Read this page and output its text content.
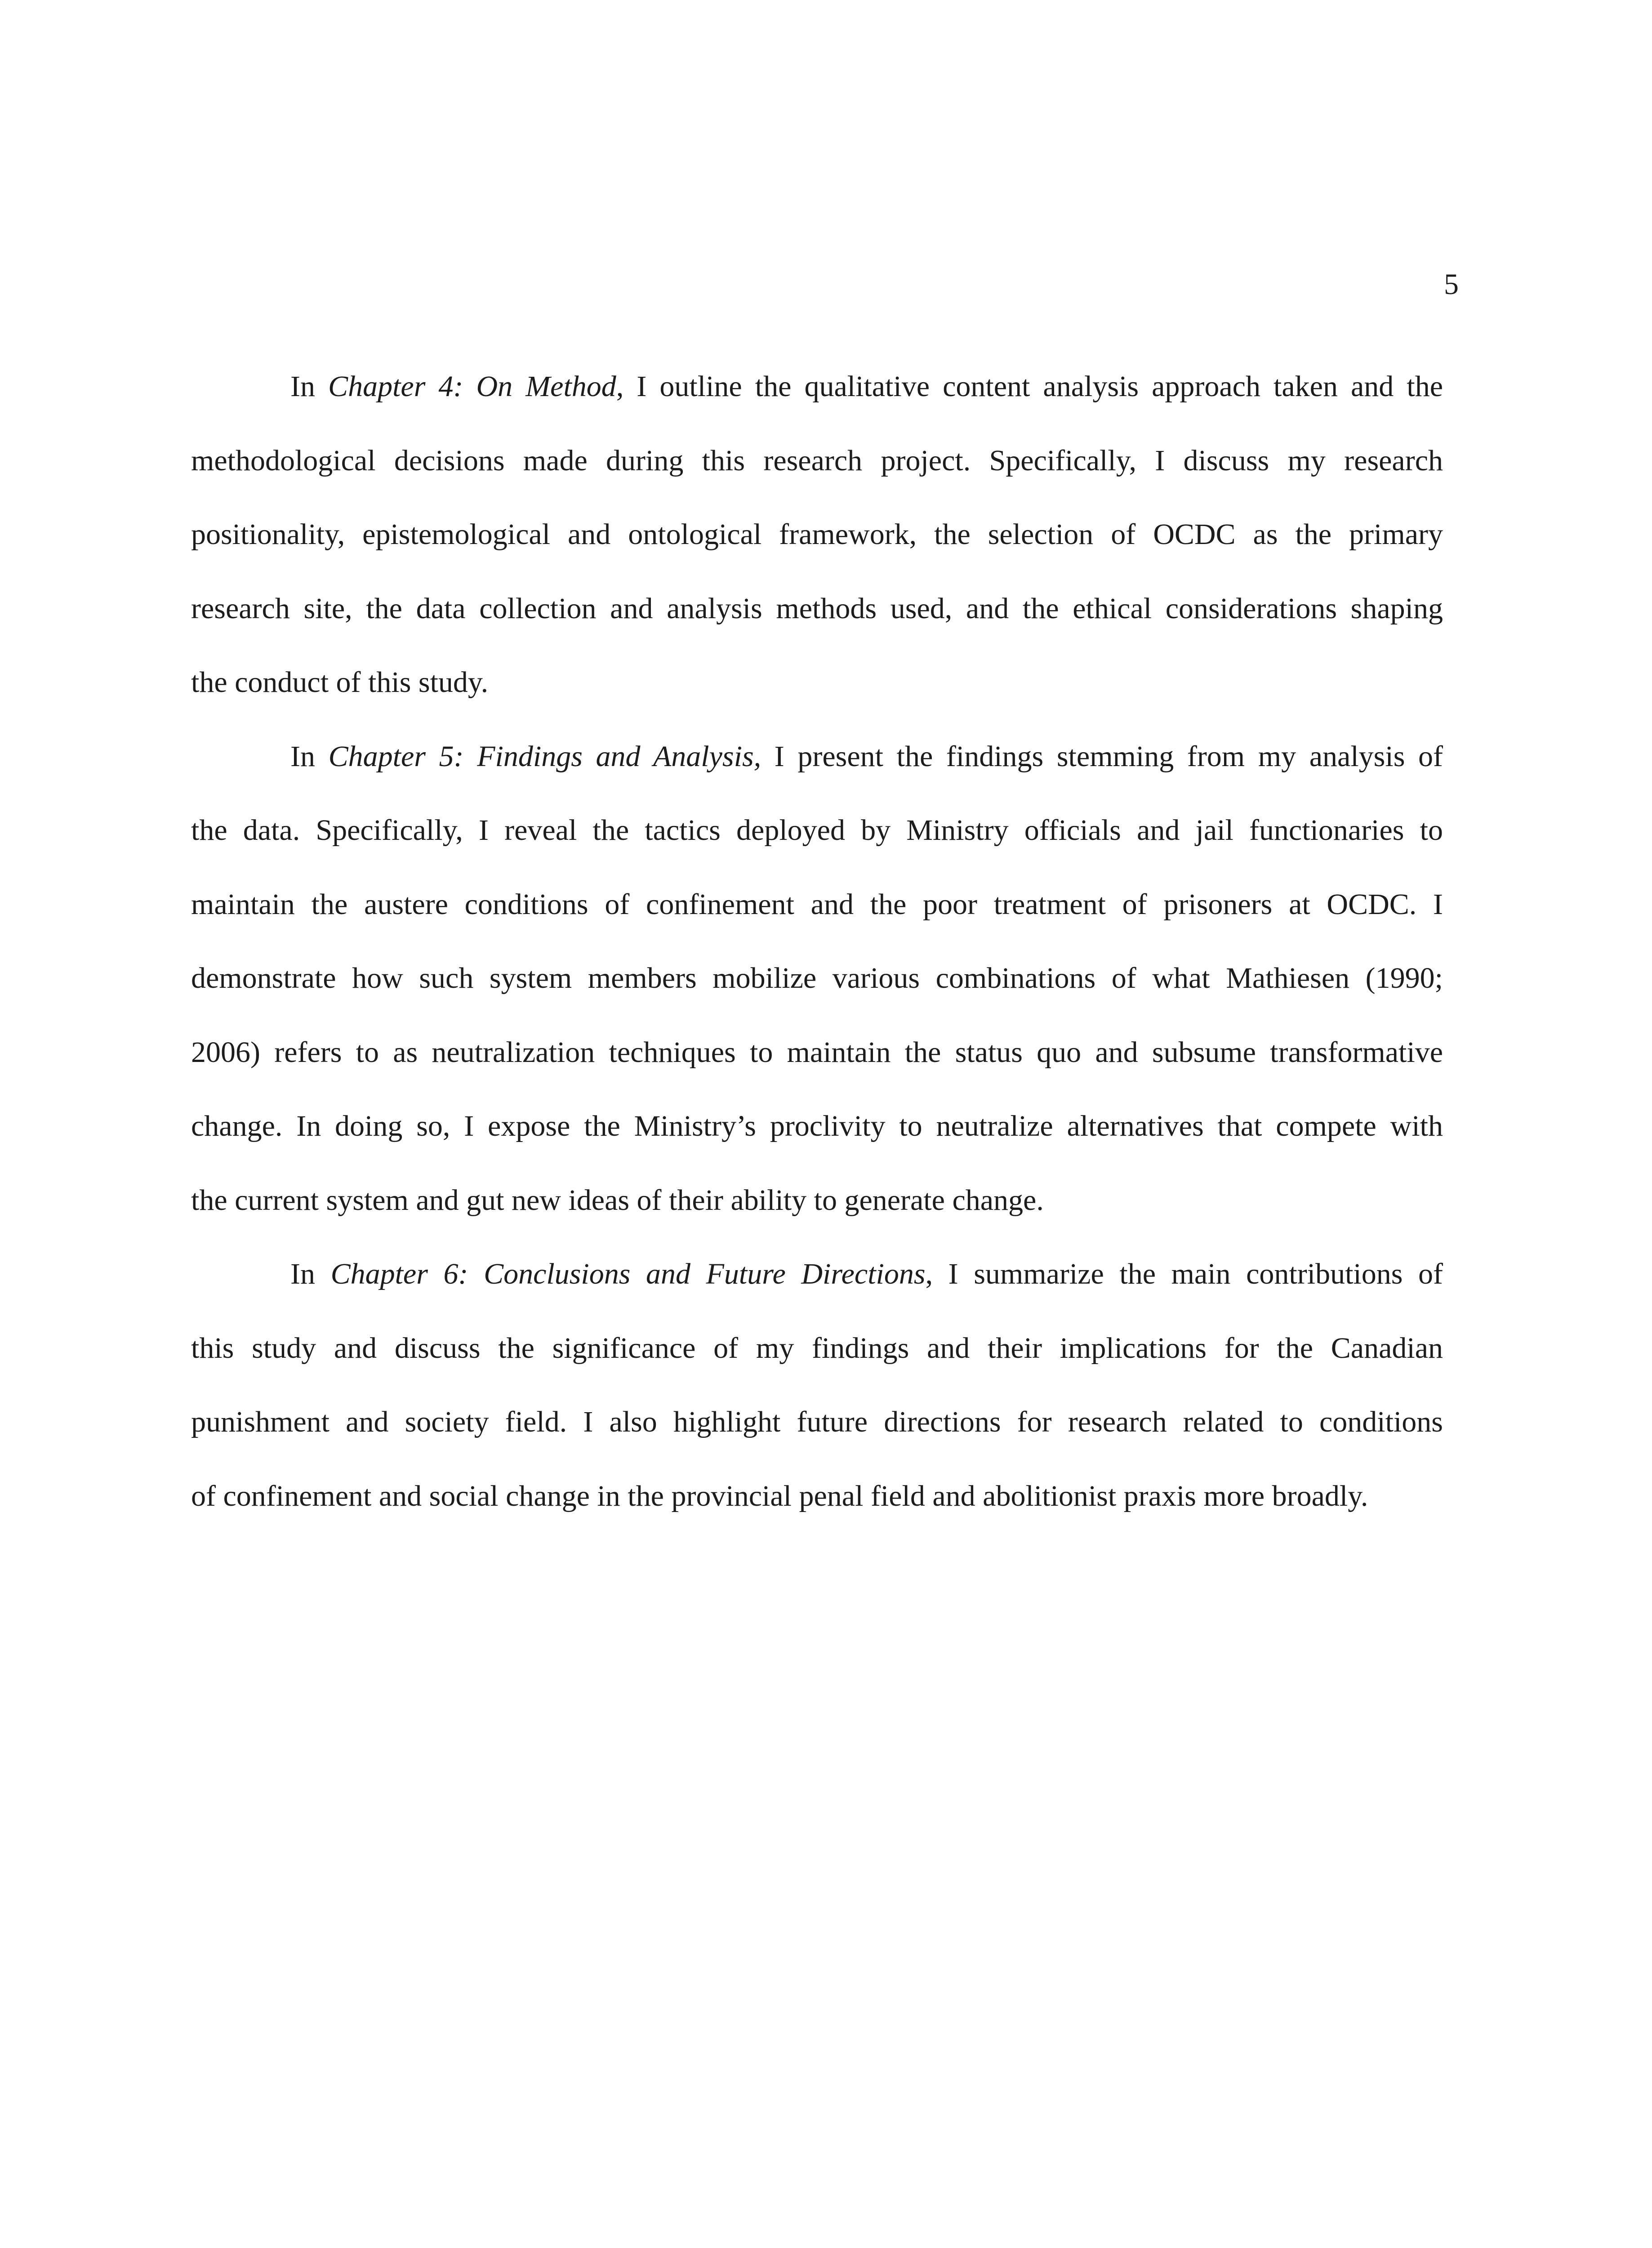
5
In Chapter 4: On Method, I outline the qualitative content analysis approach taken and the
methodological decisions made during this research project. Specifically, I discuss my research
positionality, epistemological and ontological framework, the selection of OCDC as the primary
research site, the data collection and analysis methods used, and the ethical considerations shaping
the conduct of this study.
In Chapter 5: Findings and Analysis, I present the findings stemming from my analysis of
the data. Specifically, I reveal the tactics deployed by Ministry officials and jail functionaries to
maintain the austere conditions of confinement and the poor treatment of prisoners at OCDC. I
demonstrate how such system members mobilize various combinations of what Mathiesen (1990;
2006) refers to as neutralization techniques to maintain the status quo and subsume transformative
change. In doing so, I expose the Ministry’s proclivity to neutralize alternatives that compete with
the current system and gut new ideas of their ability to generate change.
In Chapter 6: Conclusions and Future Directions, I summarize the main contributions of
this study and discuss the significance of my findings and their implications for the Canadian
punishment and society field. I also highlight future directions for research related to conditions
of confinement and social change in the provincial penal field and abolitionist praxis more broadly.
